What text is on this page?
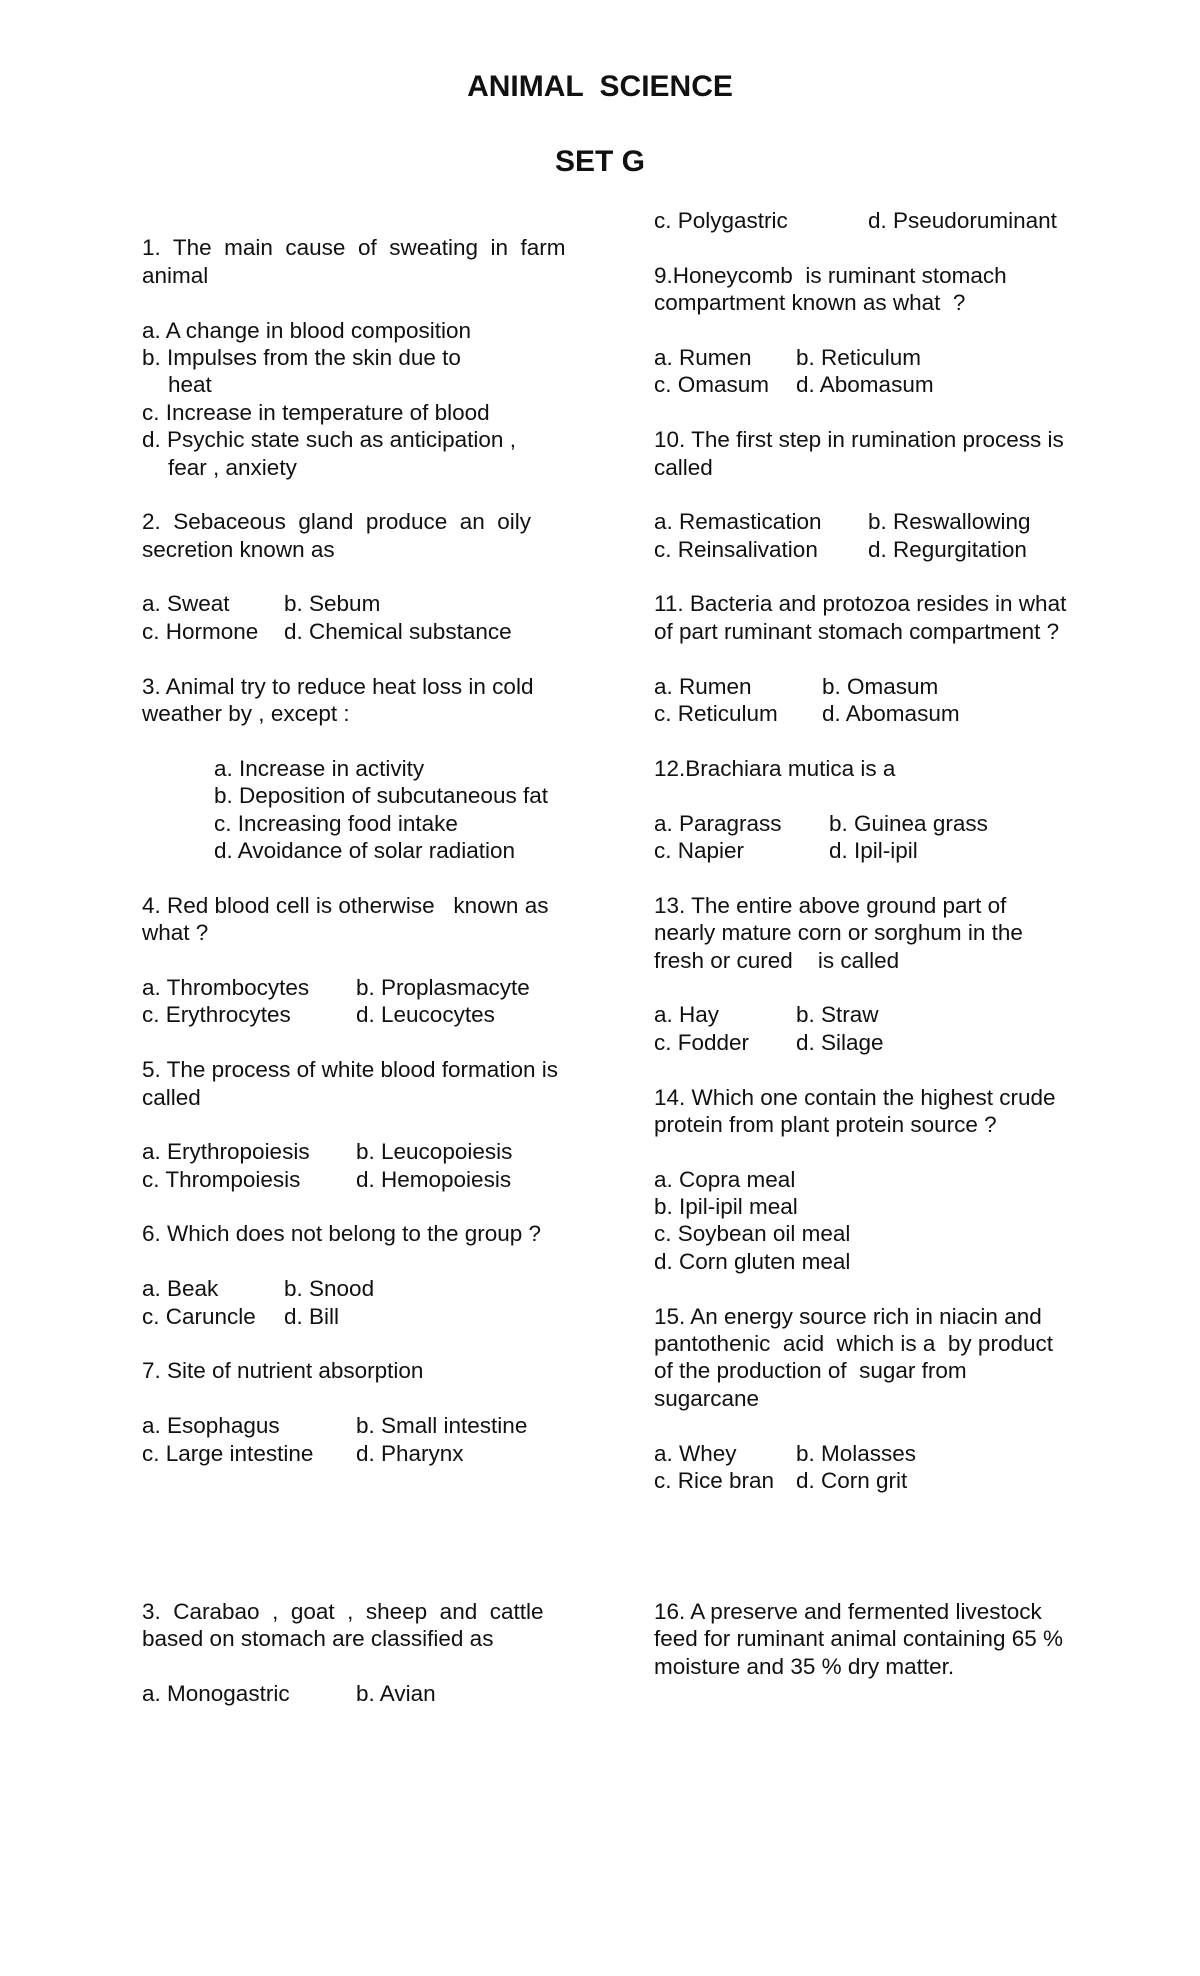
ANIMAL SCIENCE
SET G
1.  The  main  cause  of  sweating  in  farm
animal
a. A change in blood composition
b. Impulses from the skin due to
heat
c. Increase in temperature of blood
d. Psychic state such as anticipation ,
fear , anxiety
2.  Sebaceous  gland  produce  an  oily
secretion known as
a. Sweat b. Sebum
c. Hormone d. Chemical substance
3. Animal try to reduce heat loss in cold
weather by , except :
a. Increase in activity
b. Deposition of subcutaneous fat
c. Increasing food intake
d. Avoidance of solar radiation
4. Red blood cell is otherwise   known as
what ?
a. Thrombocytes b. Proplasmacyte
c. Erythrocytes	d. Leucocytes
5. The process of white blood formation is
called
a. Erythropoiesis b. Leucopoiesis
c. Thrompoiesis d. Hemopoiesis
6. Which does not belong to the group ?
a. Beak	b. Snood
c. Caruncle d. Bill
7. Site of nutrient absorption
a. Esophagus	b. Small intestine
c. Large intestine d. Pharynx
3.  Carabao  ,  goat  ,  sheep  and  cattle
based on stomach are classified as
a. Monogastric	b. Avian
c. Polygastric	d. Pseudoruminant
9.Honeycomb  is ruminant stomach
compartment known as what  ?
a. Rumen b. Reticulum
c. Omasum d. Abomasum
10. The first step in rumination process is
called
a. Remastication b. Reswallowing
c. Reinsalivation d. Regurgitation
11. Bacteria and protozoa resides in what
of part ruminant stomach compartment ?
a. Rumen	b. Omasum
c. Reticulum d. Abomasum
12.Brachiara mutica is a
a. Paragrass b. Guinea grass
c. Napier	d. Ipil-ipil
13. The entire above ground part of
nearly mature corn or sorghum in the
fresh or cured    is called
a. Hay	b. Straw
c. Fodder d. Silage
14. Which one contain the highest crude
protein from plant protein source ?
a. Copra meal
b. Ipil-ipil meal
c. Soybean oil meal
d. Corn gluten meal
15. An energy source rich in niacin and
pantothenic  acid  which is a  by product
of the production of  sugar from
sugarcane
a. Whey	b. Molasses
c. Rice bran d. Corn grit
16. A preserve and fermented livestock
feed for ruminant animal containing 65 %
moisture and 35 % dry matter.
